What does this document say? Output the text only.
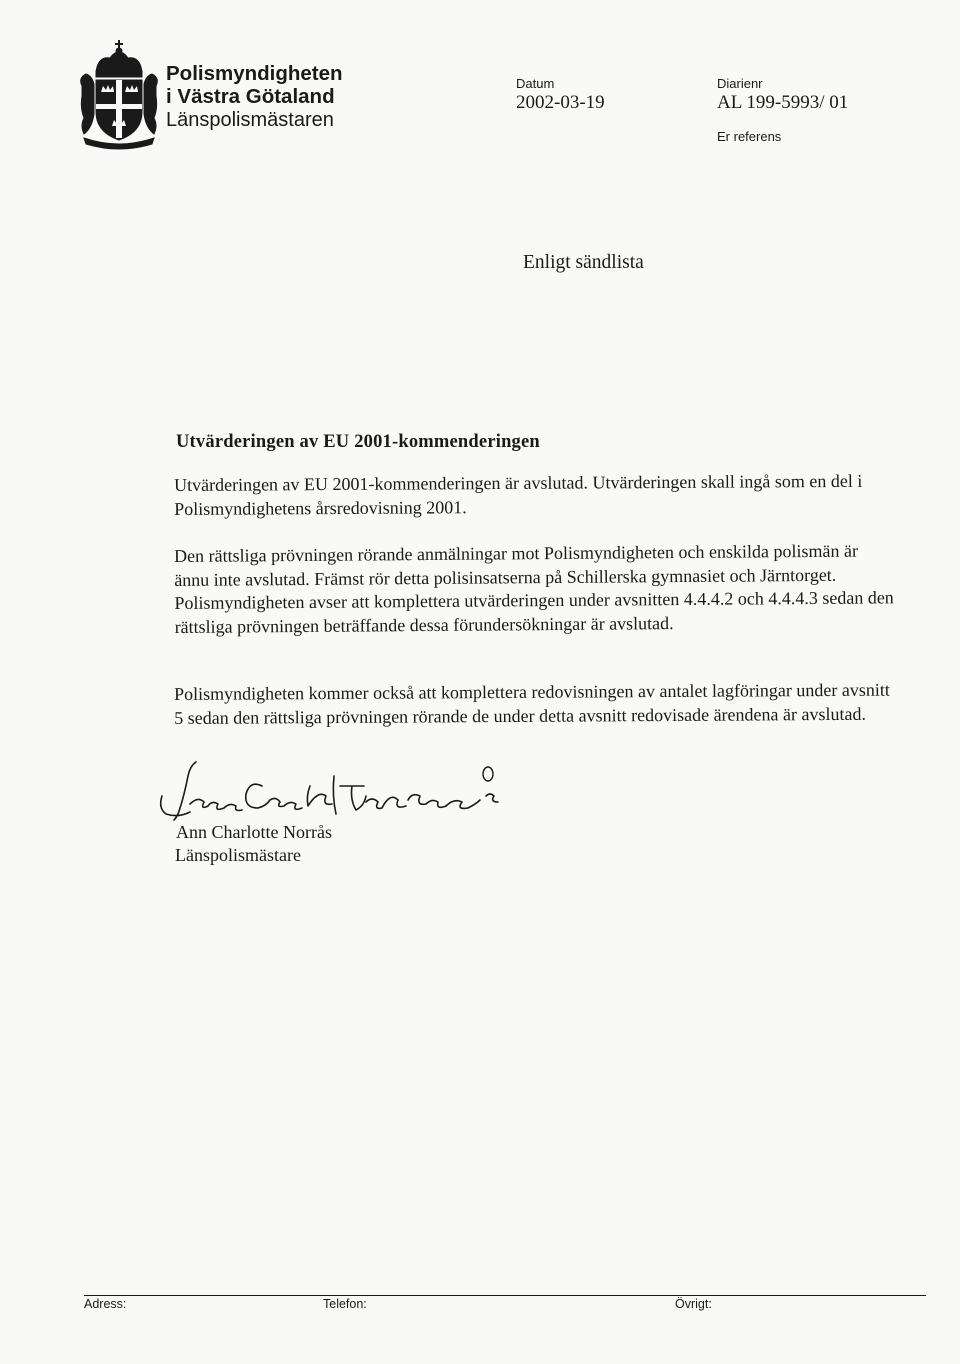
Polismyndigheten
i Västra Götaland
Länspolismästaren
Datum
2002-03-19
Diarienr
AL 199-5993/ 01
Er referens
Enligt sändlista
Utvärderingen av EU 2001-kommenderingen

Utvärderingen av EU 2001-kommenderingen är avslutad. Utvärderingen skall ingå som en del i Polismyndighetens årsredovisning 2001.

Den rättsliga prövningen rörande anmälningar mot Polismyndigheten och enskilda polismän är ännu inte avslutad. Främst rör detta polisinsatserna på Schillerska gymnasiet och Järntorget. Polismyndigheten avser att komplettera utvärderingen under avsnitten 4.4.4.2 och 4.4.4.3 sedan den rättsliga prövningen beträffande dessa förundersökningar är avslutad.

Polismyndigheten kommer också att komplettera redovisningen av antalet lagföringar under avsnitt 5 sedan den rättsliga prövningen rörande de under detta avsnitt redovisade ärendena är avslutad.

Ann Charlotte Norrås
Länspolismästare
Adress:	Telefon:	Övrigt:
